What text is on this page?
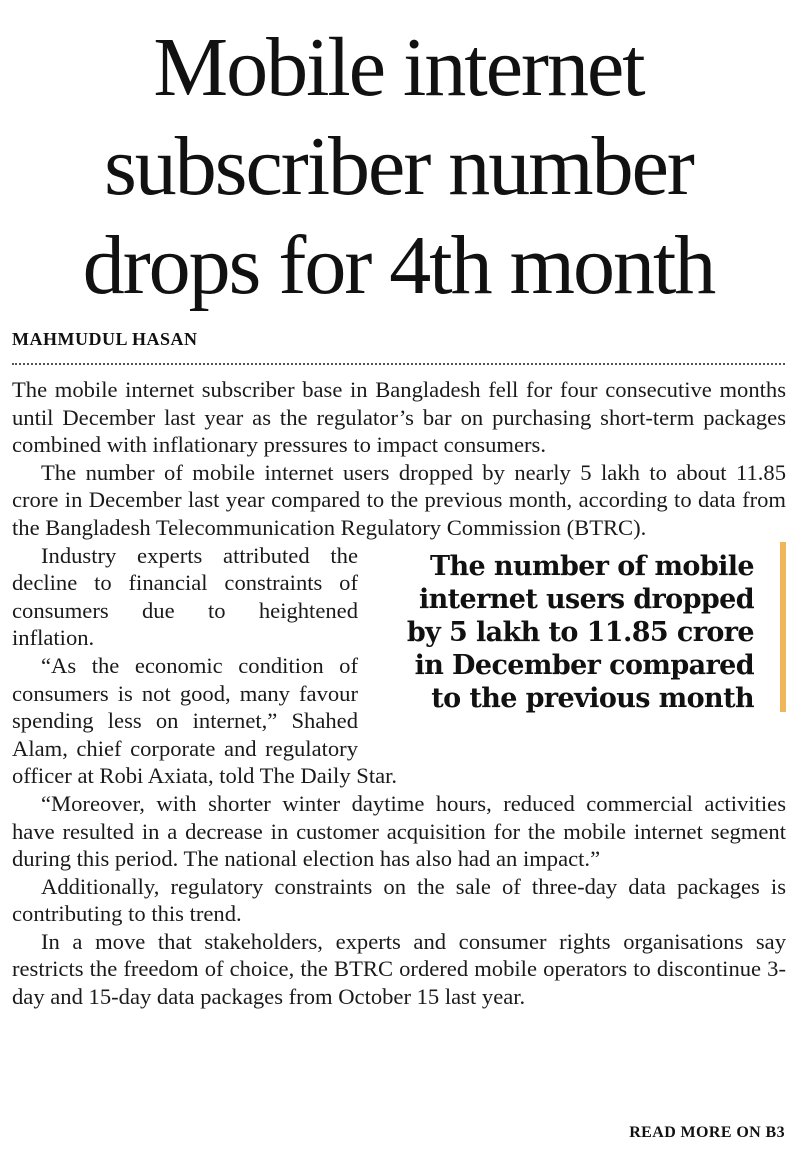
Mobile internet
subscriber number
drops for 4th month
MAHMUDUL HASAN

The mobile internet subscriber base in Bangladesh fell for four consecutive months until December last year as the regulator’s bar on purchasing short-term packages combined with inflationary pressures to impact consumers.

The number of mobile internet users dropped by nearly 5 lakh to about 11.85 crore in December last year compared to the previous month, according to data from the Bangladesh Telecommunication Regulatory Commission (BTRC).

The number of mobile
internet users dropped
by 5 lakh to 11.85 crore
in December compared
to the previous month

Industry experts attributed the decline to financial constraints of consumers due to heightened inflation.

“As the economic condition of consumers is not good, many favour spending less on internet,” Shahed Alam, chief corporate and regulatory officer at Robi Axiata, told The Daily Star.

“Moreover, with shorter winter daytime hours, reduced commercial activities have resulted in a decrease in customer acquisition for the mobile internet segment during this period. The national election has also had an impact.”

Additionally, regulatory constraints on the sale of three-day data packages is contributing to this trend.

In a move that stakeholders, experts and consumer rights organisations say restricts the freedom of choice, the BTRC ordered mobile operators to discontinue 3-day and 15-day data packages from October 15 last year.

READ MORE ON B3
